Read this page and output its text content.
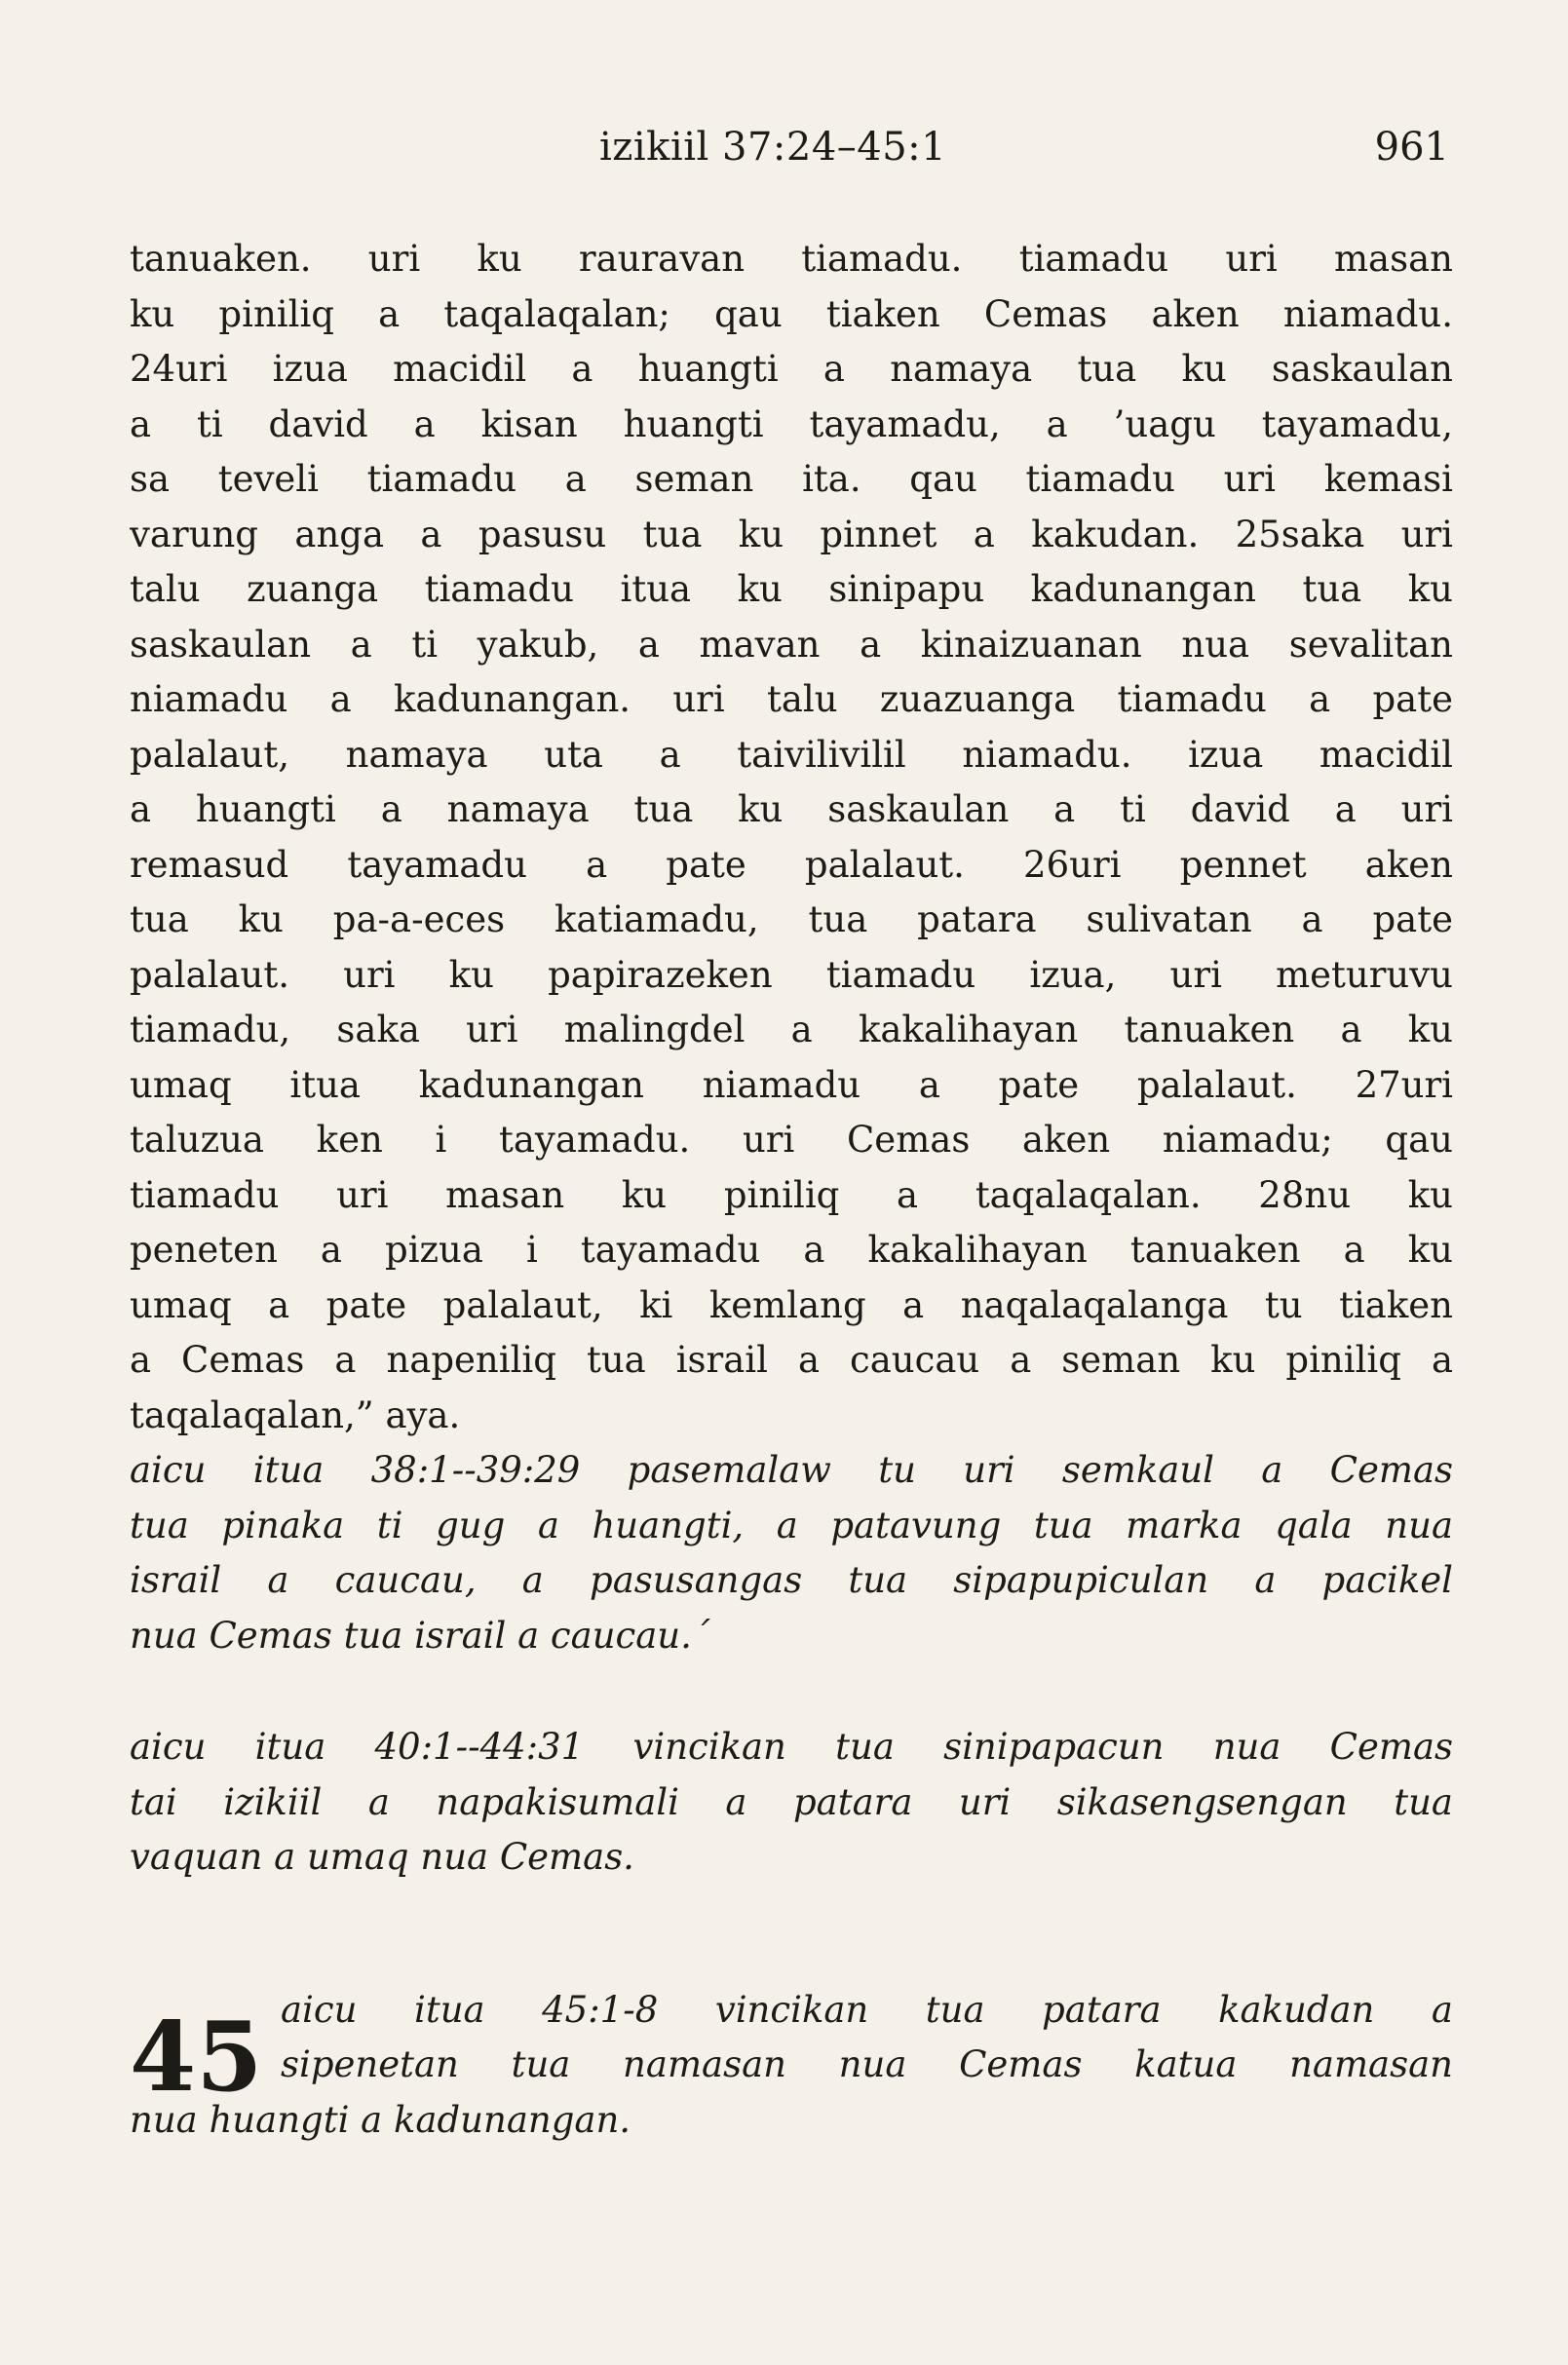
izikiil 37:24–45:1	961
tanuaken. uri ku rauravan tiamadu. tiamadu uri masan
ku piniliq a taqalaqalan; qau tiaken Cemas aken niamadu.
24uri izua macidil a huangti a namaya tua ku saskaulan
a ti david a kisan huangti tayamadu, a ’uagu tayamadu,
sa teveli tiamadu a seman ita. qau tiamadu uri kemasi
varung anga a pasusu tua ku pinnet a kakudan. 25saka uri
talu zuanga tiamadu itua ku sinipapu kadunangan tua ku
saskaulan a ti yakub, a mavan a kinaizuanan nua sevalitan
niamadu a kadunangan. uri talu zuazuanga tiamadu a pate
palalaut, namaya uta a taivilivilil niamadu. izua macidil
a huangti a namaya tua ku saskaulan a ti david a uri
remasud tayamadu a pate palalaut. 26uri pennet aken
tua ku pa-a-eces katiamadu, tua patara sulivatan a pate
palalaut. uri ku papirazeken tiamadu izua, uri meturuvu
tiamadu, saka uri malingdel a kakalihayan tanuaken a ku
umaq itua kadunangan niamadu a pate palalaut. 27uri
taluzua ken i tayamadu. uri Cemas aken niamadu; qau
tiamadu uri masan ku piniliq a taqalaqalan. 28nu ku
peneten a pizua i tayamadu a kakalihayan tanuaken a ku
umaq a pate palalaut, ki kemlang a naqalaqalanga tu tiaken
a Cemas a napeniliq tua israil a caucau a seman ku piniliq a
taqalaqalan,” aya.
aicu itua 38:1--39:29 pasemalaw tu uri semkaul a Cemas
tua pinaka ti gug a huangti, a patavung tua marka qala nua
israil a caucau, a pasusangas tua sipapupiculan a pacikel
nua Cemas tua israil a caucau.´
aicu itua 40:1--44:31 vincikan tua sinipapacun nua Cemas
tai izikiil a napakisumali a patara uri sikasengsengan tua
vaquan a umaq nua Cemas.
45 aicu itua 45:1-8 vincikan tua patara kakudan a
sipenetan tua namasan nua Cemas katua namasan
nua huangti a kadunangan.
